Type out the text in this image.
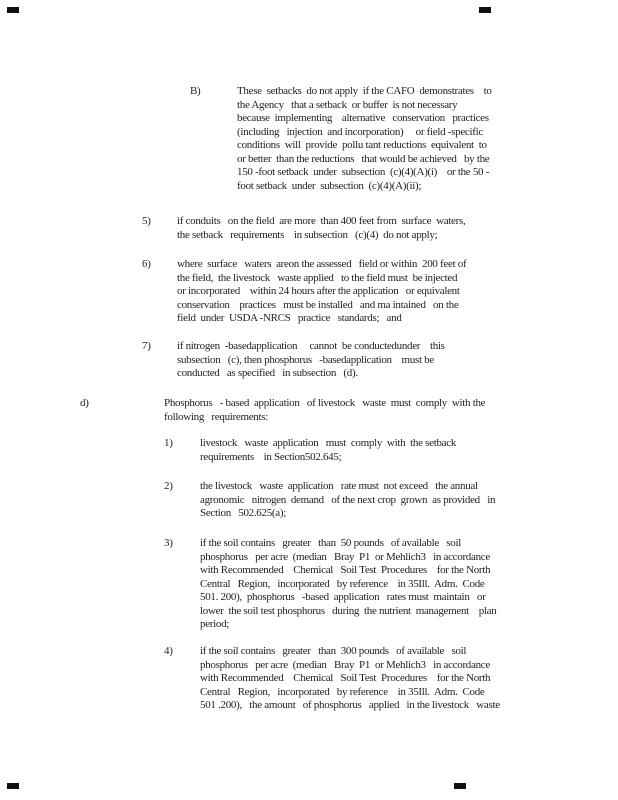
B)	These  setbacks  do not apply  if the CAFO  demonstrates    to
the Agency   that a setback  or buffer  is not necessary
because  implementing    alternative   conservation   practices
(including   injection  and incorporation)     or field -specific
conditions  will  provide  pollu tant reductions  equivalent  to
or better  than the reductions   that would be achieved   by the
150 -foot setback  under  subsection  (c)(4)(A)(i)    or the 50 -
foot setback  under  subsection  (c)(4)(A)(ii);
5)	if conduits   on the field  are more  than 400 feet from  surface  waters,
the setback   requirements    in subsection   (c)(4)  do not apply;
6)	where  surface   waters  areon the assessed   field or within  200 feet of
the field,  the livestock   waste applied   to the field must  be injected
or incorporated    within 24 hours after the application   or equivalent
conservation    practices   must be installed   and ma intained   on the
field  under  USDA -NRCS   practice   standards;   and
7)	if nitrogen  -basedapplication     cannot  be conductedunder    this
subsection   (c), then phosphorus   -basedapplication    must be
conducted   as specified   in subsection   (d).
d)	Phosphorus   - based  application   of livestock   waste  must  comply  with the
following   requirements:
1)	livestock   waste  application   must  comply  with  the setback
requirements    in Section502.645;
2)	the livestock   waste  application   rate must  not exceed   the annual
agronomic   nitrogen  demand   of the next crop  grown  as provided   in
Section   502.625(a);
3)	if the soil contains   greater   than  50 pounds   of available   soil
phosphorus   per acre  (median   Bray  P1  or Mehlich3   in accordance
with Recommended    Chemical   Soil Test  Procedures    for the North
Central   Region,   incorporated   by reference    in 35Ill.  Adm.  Code
501. 200),  phosphorus   -based  application   rates must  maintain   or
lower  the soil test phosphorus   during  the nutrient  management    plan
period;
4)	if the soil contains   greater   than  300 pounds   of available   soil
phosphorus   per acre  (median   Bray  P1  or Mehlich3   in accordance
with Recommended    Chemical   Soil Test  Procedures    for the North
Central   Region,   incorporated   by reference    in 35Ill.  Adm.  Code
501 .200),   the amount   of phosphorus   applied   in the livestock   waste
